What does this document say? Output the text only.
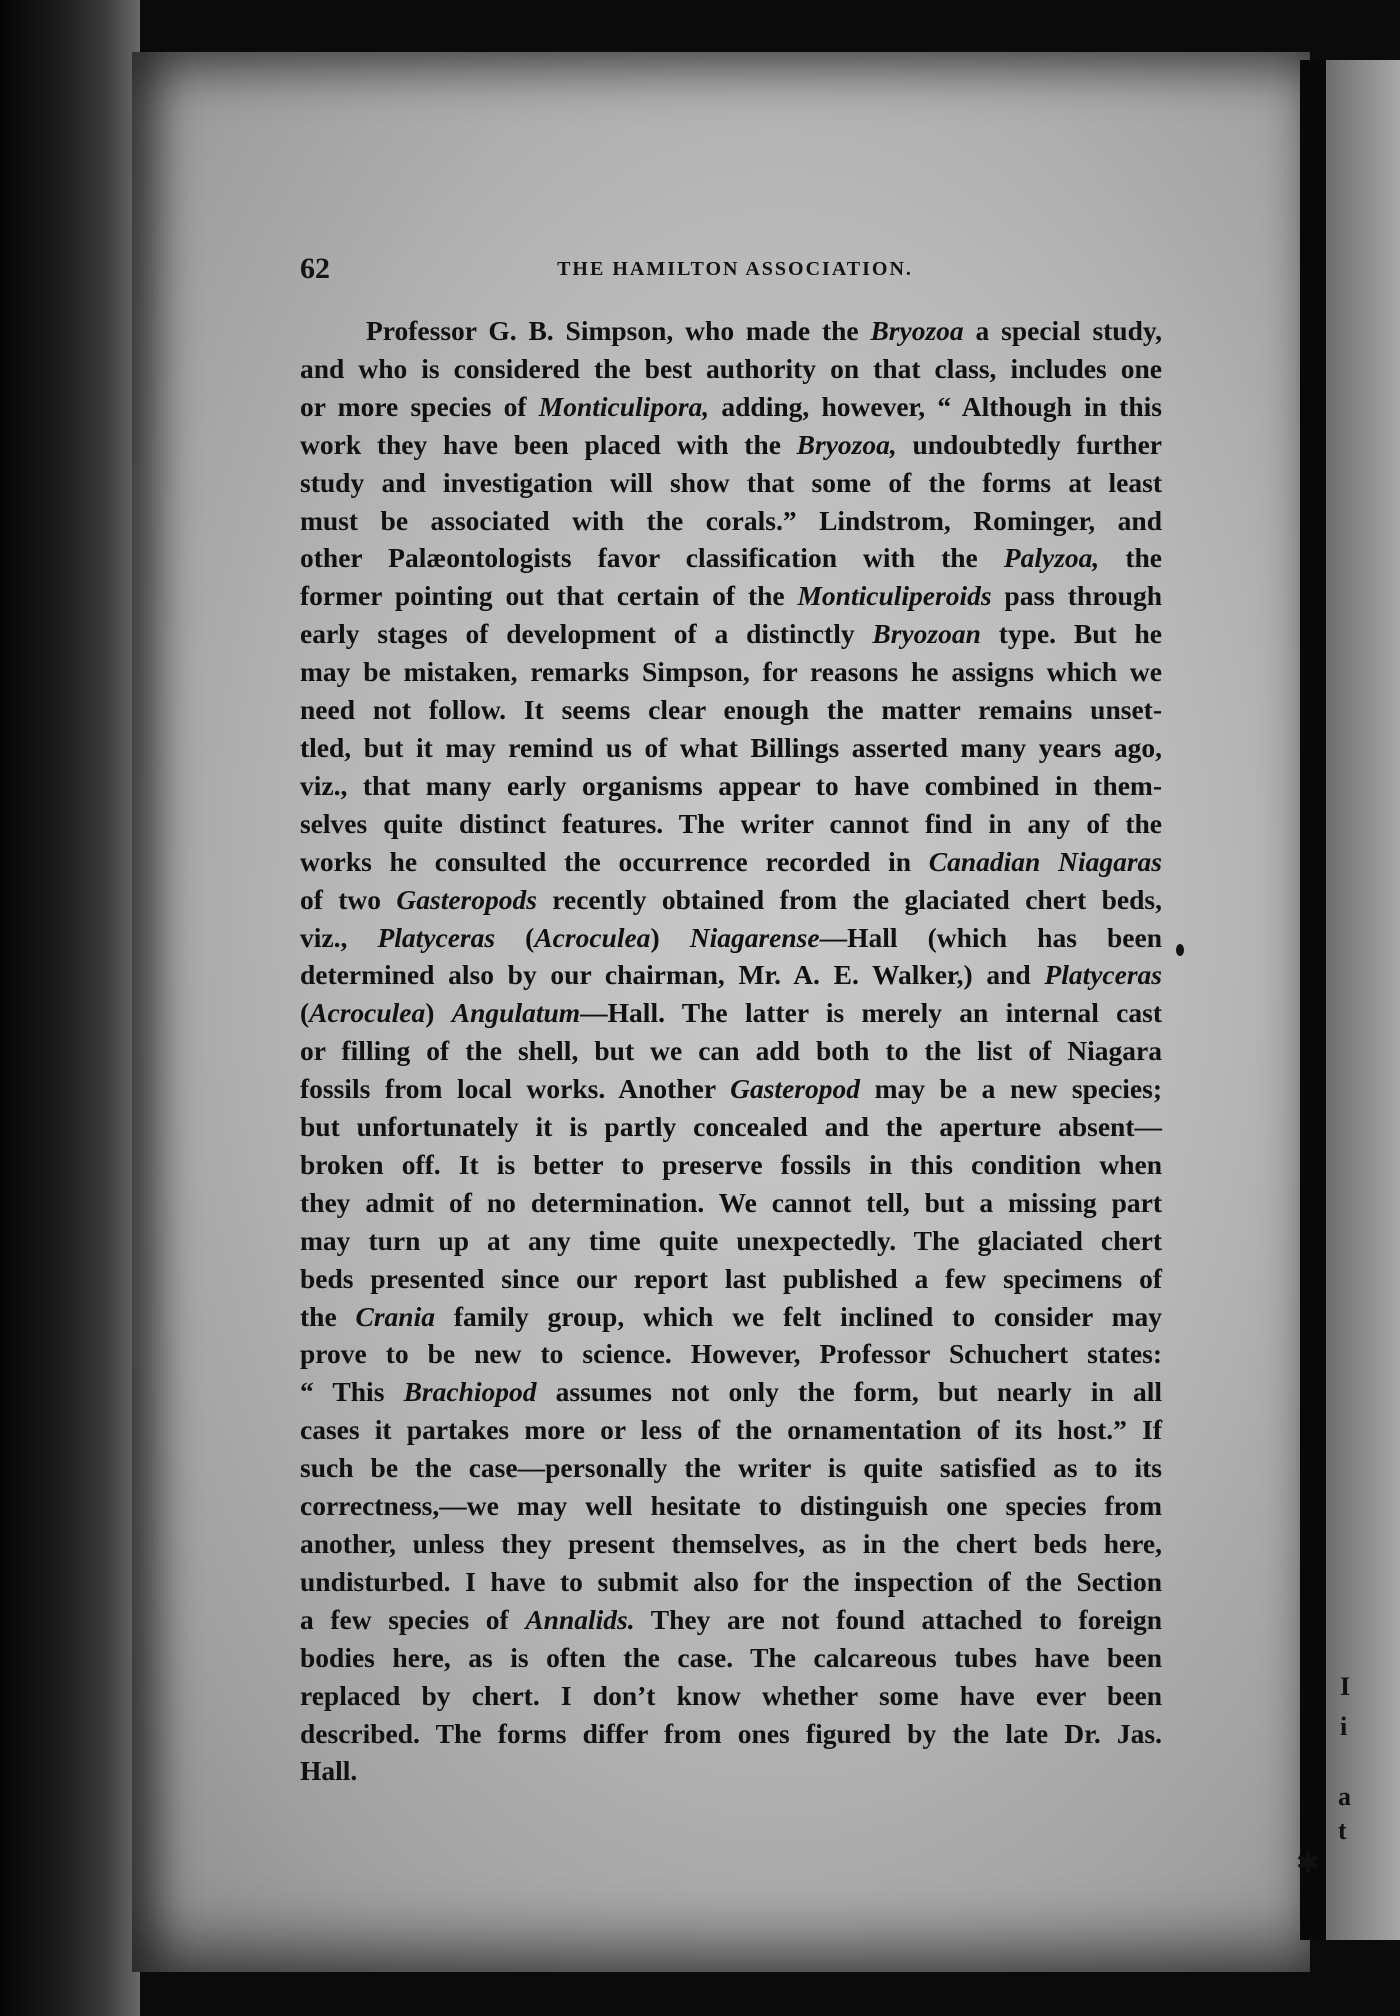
I
i
a
t
62	THE HAMILTON ASSOCIATION.
Professor G. B. Simpson, who made the Bryozoa a special study,
and who is considered the best authority on that class, includes one
or more species of Monticulipora, adding, however, “ Although in this
work they have been placed with the Bryozoa, undoubtedly further
study and investigation will show that some of the forms at least
must be associated with the corals.” Lindstrom, Rominger, and
other Palæontologists favor classification with the Palyzoa, the
former pointing out that certain of the Monticuliperoids pass through
early stages of development of a distinctly Bryozoan type. But he
may be mistaken, remarks Simpson, for reasons he assigns which we
need not follow. It seems clear enough the matter remains unset-
tled, but it may remind us of what Billings asserted many years ago,
viz., that many early organisms appear to have combined in them-
selves quite distinct features. The writer cannot find in any of the
works he consulted the occurrence recorded in Canadian Niagaras
of two Gasteropods recently obtained from the glaciated chert beds,
viz., Platyceras (Acroculea) Niagarense—Hall (which has been
determined also by our chairman, Mr. A. E. Walker,) and Platyceras
(Acroculea) Angulatum—Hall. The latter is merely an internal cast
or filling of the shell, but we can add both to the list of Niagara
fossils from local works. Another Gasteropod may be a new species;
but unfortunately it is partly concealed and the aperture absent—
broken off. It is better to preserve fossils in this condition when
they admit of no determination. We cannot tell, but a missing part
may turn up at any time quite unexpectedly. The glaciated chert
beds presented since our report last published a few specimens of
the Crania family group, which we felt inclined to consider may
prove to be new to science. However, Professor Schuchert states:
“ This Brachiopod assumes not only the form, but nearly in all
cases it partakes more or less of the ornamentation of its host.” If
such be the case—personally the writer is quite satisfied as to its
correctness,—we may well hesitate to distinguish one species from
another, unless they present themselves, as in the chert beds here,
undisturbed. I have to submit also for the inspection of the Section
a few species of Annalids. They are not found attached to foreign
bodies here, as is often the case. The calcareous tubes have been
replaced by chert. I don’t know whether some have ever been
described. The forms differ from ones figured by the late Dr. Jas.
Hall.
✱
